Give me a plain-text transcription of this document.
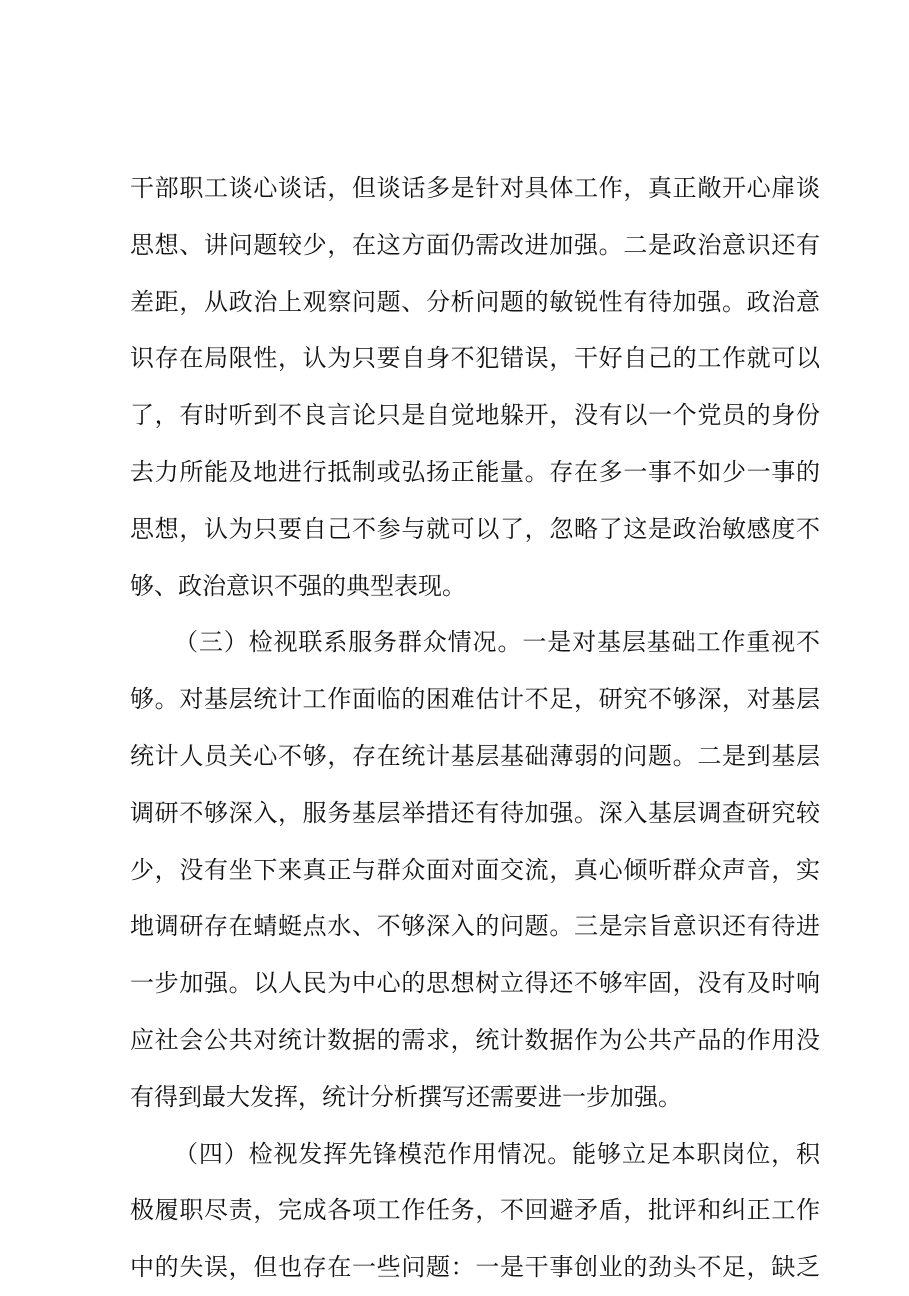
干部职工谈心谈话，但谈话多是针对具体工作，真正敞开心扉谈
思想、讲问题较少，在这方面仍需改进加强。二是政治意识还有
差距，从政治上观察问题、分析问题的敏锐性有待加强。政治意
识存在局限性，认为只要自身不犯错误，干好自己的工作就可以
了，有时听到不良言论只是自觉地躲开，没有以一个党员的身份
去力所能及地进行抵制或弘扬正能量。存在多一事不如少一事的
思想，认为只要自己不参与就可以了，忽略了这是政治敏感度不
够、政治意识不强的典型表现。
（三）检视联系服务群众情况。一是对基层基础工作重视不
够。对基层统计工作面临的困难估计不足，研究不够深，对基层
统计人员关心不够，存在统计基层基础薄弱的问题。二是到基层
调研不够深入，服务基层举措还有待加强。深入基层调查研究较
少，没有坐下来真正与群众面对面交流，真心倾听群众声音，实
地调研存在蜻蜓点水、不够深入的问题。三是宗旨意识还有待进
一步加强。以人民为中心的思想树立得还不够牢固，没有及时响
应社会公共对统计数据的需求，统计数据作为公共产品的作用没
有得到最大发挥，统计分析撰写还需要进一步加强。
（四）检视发挥先锋模范作用情况。能够立足本职岗位，积
极履职尽责，完成各项工作任务，不回避矛盾，批评和纠正工作
中的失误，但也存在一些问题：一是干事创业的劲头不足，缺乏
